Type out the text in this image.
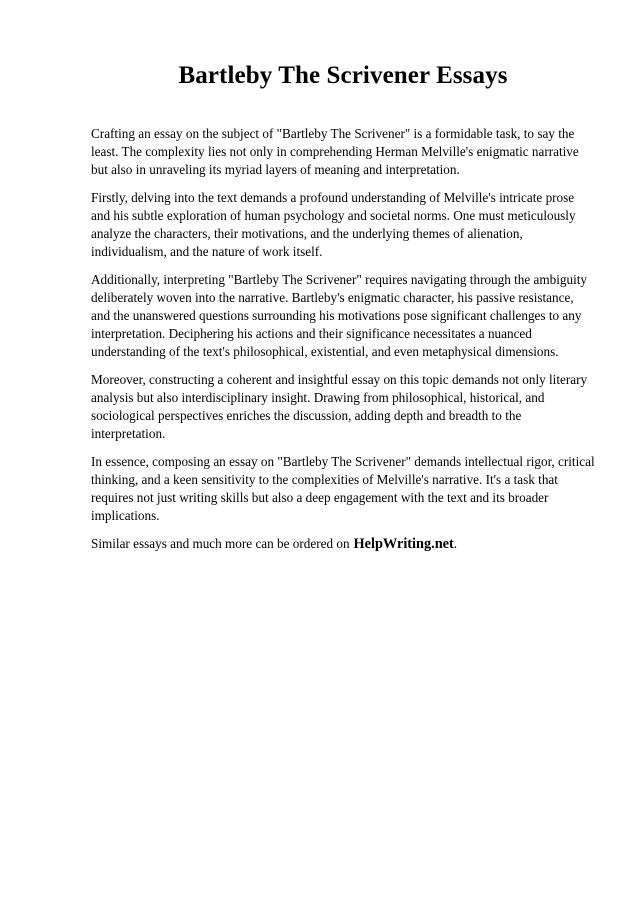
Bartleby The Scrivener Essays

Crafting an essay on the subject of "Bartleby The Scrivener" is a formidable task, to say the least. The complexity lies not only in comprehending Herman Melville's enigmatic narrative but also in unraveling its myriad layers of meaning and interpretation.

Firstly, delving into the text demands a profound understanding of Melville's intricate prose and his subtle exploration of human psychology and societal norms. One must meticulously analyze the characters, their motivations, and the underlying themes of alienation, individualism, and the nature of work itself.

Additionally, interpreting "Bartleby The Scrivener" requires navigating through the ambiguity deliberately woven into the narrative. Bartleby's enigmatic character, his passive resistance, and the unanswered questions surrounding his motivations pose significant challenges to any interpretation. Deciphering his actions and their significance necessitates a nuanced understanding of the text's philosophical, existential, and even metaphysical dimensions.

Moreover, constructing a coherent and insightful essay on this topic demands not only literary analysis but also interdisciplinary insight. Drawing from philosophical, historical, and sociological perspectives enriches the discussion, adding depth and breadth to the interpretation.

In essence, composing an essay on "Bartleby The Scrivener" demands intellectual rigor, critical thinking, and a keen sensitivity to the complexities of Melville's narrative. It's a task that requires not just writing skills but also a deep engagement with the text and its broader implications.

Similar essays and much more can be ordered on HelpWriting.net.
